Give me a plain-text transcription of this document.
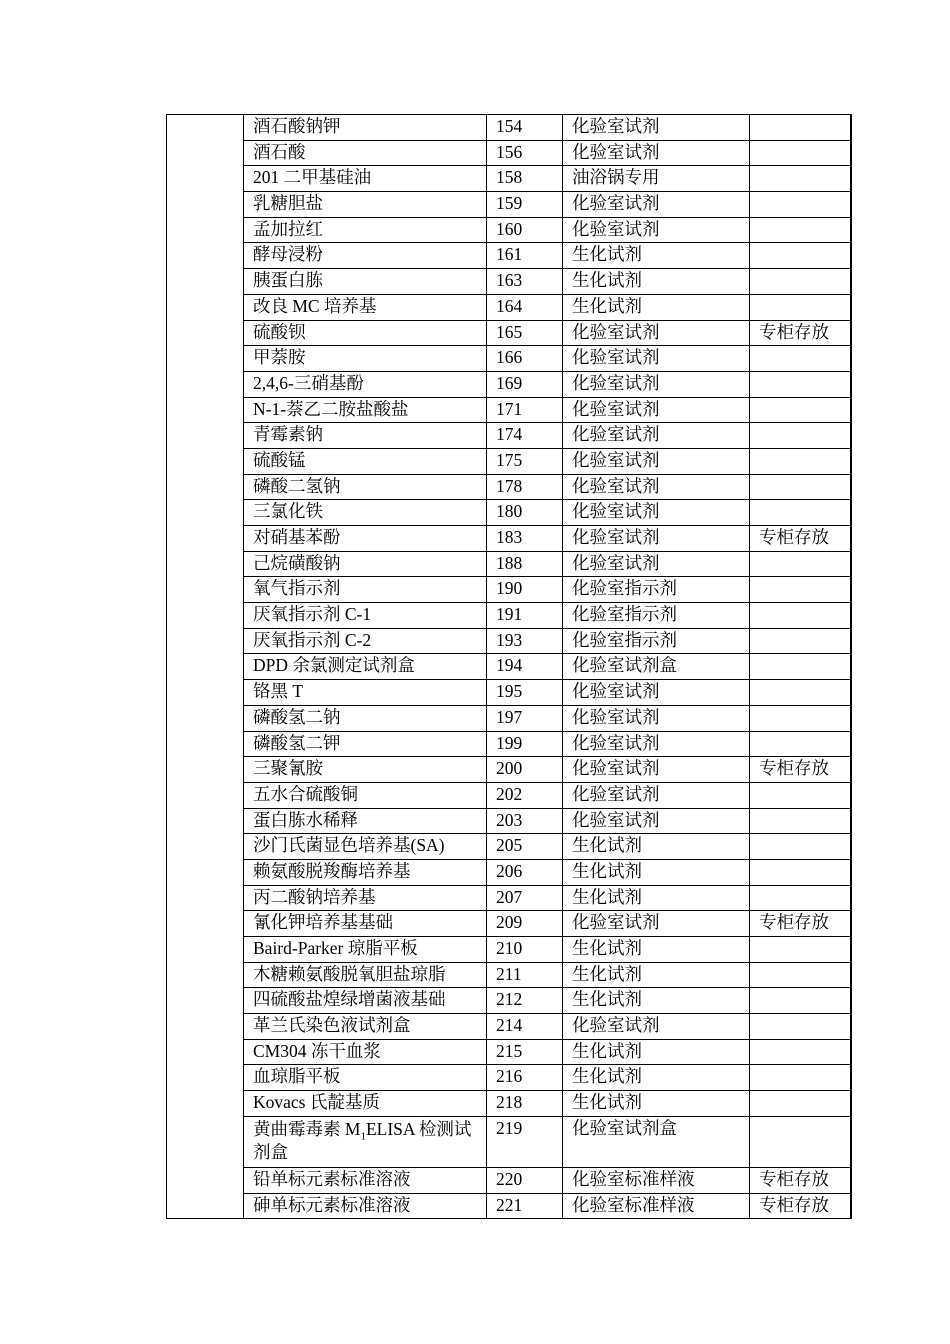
	酒石酸钠钾	154	化验室试剂	
	酒石酸	156	化验室试剂	
	201 二甲基硅油	158	油浴锅专用	
	乳糖胆盐	159	化验室试剂	
	孟加拉红	160	化验室试剂	
	酵母浸粉	161	生化试剂	
	胰蛋白胨	163	生化试剂	
	改良 MC 培养基	164	生化试剂	
	硫酸钡	165	化验室试剂	专柜存放
	甲萘胺	166	化验室试剂	
	2,4,6-三硝基酚	169	化验室试剂	
	N-1-萘乙二胺盐酸盐	171	化验室试剂	
	青霉素钠	174	化验室试剂	
	硫酸锰	175	化验室试剂	
	磷酸二氢钠	178	化验室试剂	
	三氯化铁	180	化验室试剂	
	对硝基苯酚	183	化验室试剂	专柜存放
	己烷磺酸钠	188	化验室试剂	
	氧气指示剂	190	化验室指示剂	
	厌氧指示剂 C-1	191	化验室指示剂	
	厌氧指示剂 C-2	193	化验室指示剂	
	DPD 余氯测定试剂盒	194	化验室试剂盒	
	铬黑 T	195	化验室试剂	
	磷酸氢二钠	197	化验室试剂	
	磷酸氢二钾	199	化验室试剂	
	三聚氰胺	200	化验室试剂	专柜存放
	五水合硫酸铜	202	化验室试剂	
	蛋白胨水稀释	203	化验室试剂	
	沙门氏菌显色培养基(SA)	205	生化试剂	
	赖氨酸脱羧酶培养基	206	生化试剂	
	丙二酸钠培养基	207	生化试剂	
	氰化钾培养基基础	209	化验室试剂	专柜存放
	Baird-Parker 琼脂平板	210	生化试剂	
	木糖赖氨酸脱氧胆盐琼脂	211	生化试剂	
	四硫酸盐煌绿增菌液基础	212	生化试剂	
	革兰氏染色液试剂盒	214	化验室试剂	
	CM304 冻干血浆	215	生化试剂	
	血琼脂平板	216	生化试剂	
	Kovacs 氏靛基质	218	生化试剂	
	黄曲霉毒素 $M_1ELISA$ 检测试剂盒	219	化验室试剂盒	
	铅单标元素标准溶液	220	化验室标准样液	专柜存放
	砷单标元素标准溶液	221	化验室标准样液	专柜存放
